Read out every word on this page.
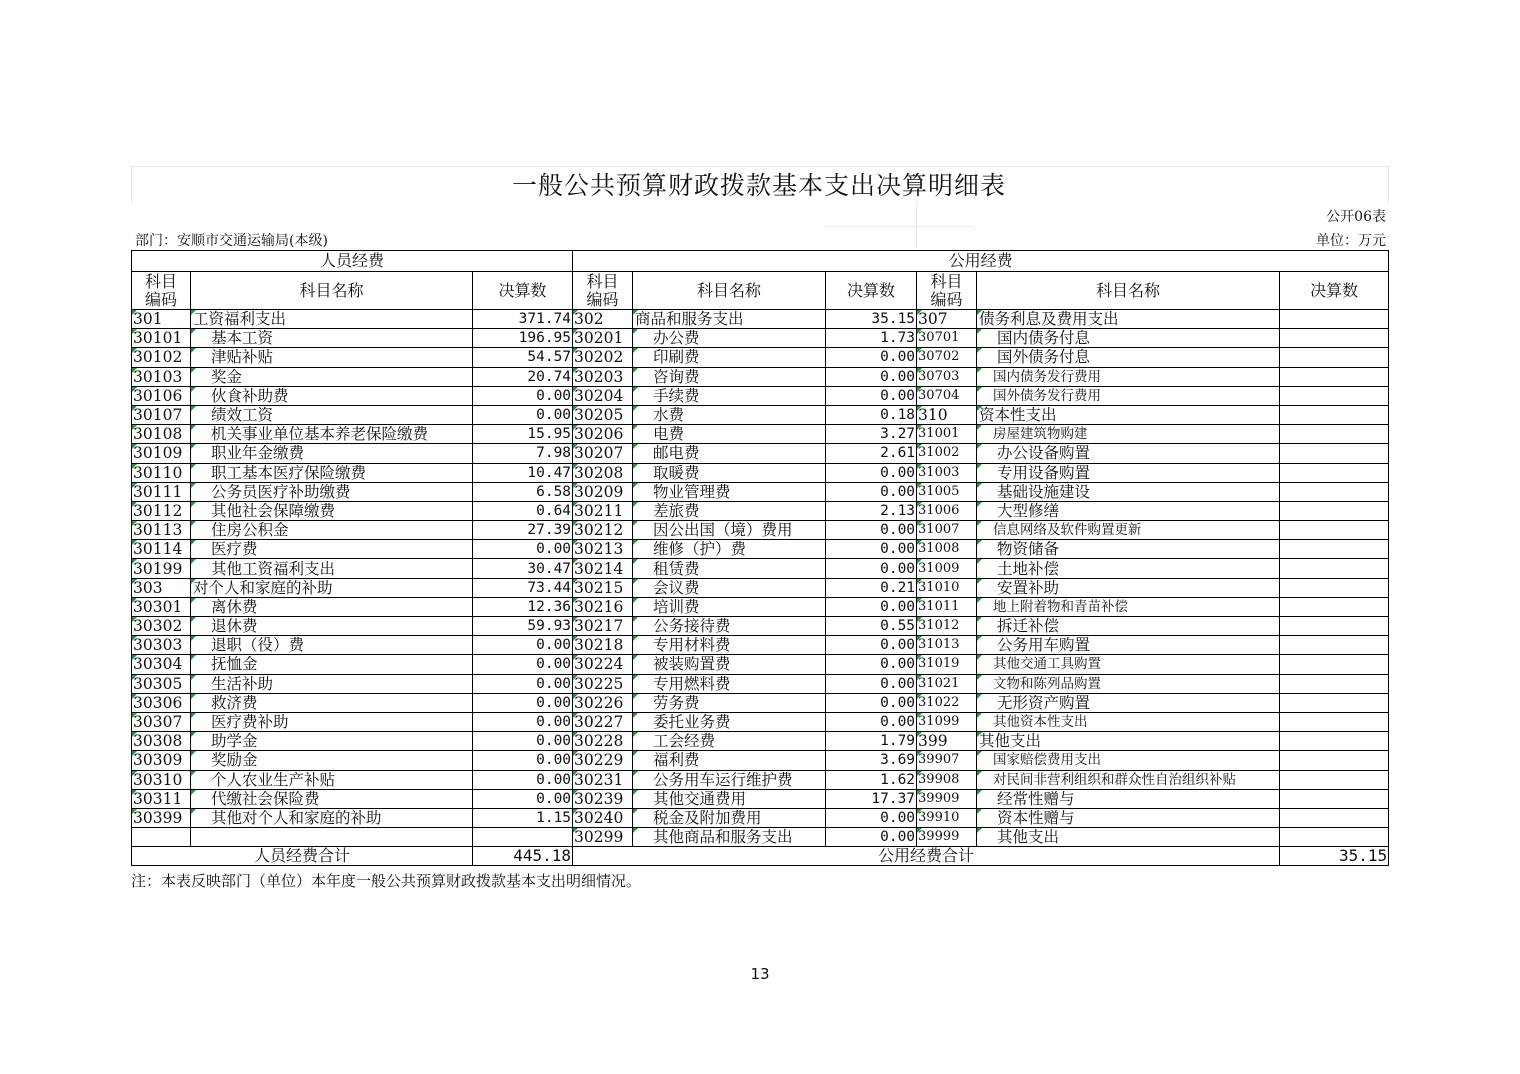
一般公共预算财政拨款基本支出决算明细表
公开06表
部门：安顺市交通运输局(本级)	单位：万元
人员经费			公用经费					
科目编码	科目名称	决算数	科目编码	科目名称	决算数	科目编码	科目名称	决算数
301	工资福利支出	371.74	302	商品和服务支出	35.15	307	债务利息及费用支出	
30101	基本工资	196.95	30201	办公费	1.73	30701	国内债务付息	
30102	津贴补贴	54.57	30202	印刷费	0.00	30702	国外债务付息	
30103	奖金	20.74	30203	咨询费	0.00	30703	国内债务发行费用	
30106	伙食补助费	0.00	30204	手续费	0.00	30704	国外债务发行费用	
30107	绩效工资	0.00	30205	水费	0.18	310	资本性支出	
30108	机关事业单位基本养老保险缴费	15.95	30206	电费	3.27	31001	房屋建筑物购建	
30109	职业年金缴费	7.98	30207	邮电费	2.61	31002	办公设备购置	
30110	职工基本医疗保险缴费	10.47	30208	取暖费	0.00	31003	专用设备购置	
30111	公务员医疗补助缴费	6.58	30209	物业管理费	0.00	31005	基础设施建设	
30112	其他社会保障缴费	0.64	30211	差旅费	2.13	31006	大型修缮	
30113	住房公积金	27.39	30212	因公出国（境）费用	0.00	31007	信息网络及软件购置更新	
30114	医疗费	0.00	30213	维修（护）费	0.00	31008	物资储备	
30199	其他工资福利支出	30.47	30214	租赁费	0.00	31009	土地补偿	
303	对个人和家庭的补助	73.44	30215	会议费	0.21	31010	安置补助	
30301	离休费	12.36	30216	培训费	0.00	31011	地上附着物和青苗补偿	
30302	退休费	59.93	30217	公务接待费	0.55	31012	拆迁补偿	
30303	退职（役）费	0.00	30218	专用材料费	0.00	31013	公务用车购置	
30304	抚恤金	0.00	30224	被装购置费	0.00	31019	其他交通工具购置	
30305	生活补助	0.00	30225	专用燃料费	0.00	31021	文物和陈列品购置	
30306	救济费	0.00	30226	劳务费	0.00	31022	无形资产购置	
30307	医疗费补助	0.00	30227	委托业务费	0.00	31099	其他资本性支出	
30308	助学金	0.00	30228	工会经费	1.79	399	其他支出	
30309	奖励金	0.00	30229	福利费	3.69	39907	国家赔偿费用支出	
30310	个人农业生产补贴	0.00	30231	公务用车运行维护费	1.62	39908	对民间非营利组织和群众性自治组织补贴	
30311	代缴社会保险费	0.00	30239	其他交通费用	17.37	39909	经常性赠与	
30399	其他对个人和家庭的补助	1.15	30240	税金及附加费用	0.00	39910	资本性赠与	
			30299	其他商品和服务支出	0.00	39999	其他支出	
人员经费合计		445.18	公用经费合计					35.15
注：本表反映部门（单位）本年度一般公共预算财政拨款基本支出明细情况。
13
